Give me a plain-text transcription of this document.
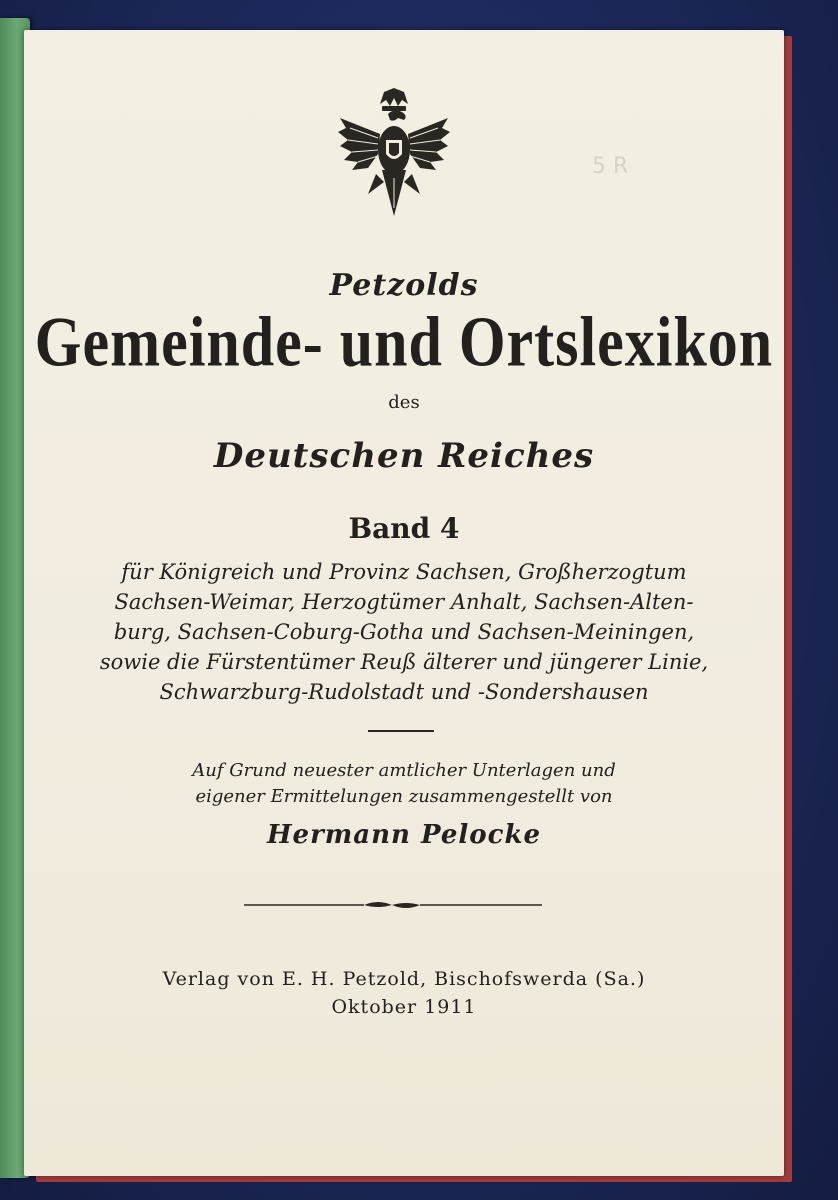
5 R
Petzolds
Gemeinde- und Ortslexikon
des
Deutschen Reiches
Band 4
für Königreich und Provinz Sachsen, Großherzogtum
Sachsen-Weimar, Herzogtümer Anhalt, Sachsen-Alten-
burg, Sachsen-Coburg-Gotha und Sachsen-Meiningen,
sowie die Fürstentümer Reuß älterer und jüngerer Linie,
Schwarzburg-Rudolstadt und -Sondershausen
Auf Grund neuester amtlicher Unterlagen und
eigener Ermittelungen zusammengestellt von
Hermann Pelocke
Verlag von E. H. Petzold, Bischofswerda (Sa.)
Oktober 1911
